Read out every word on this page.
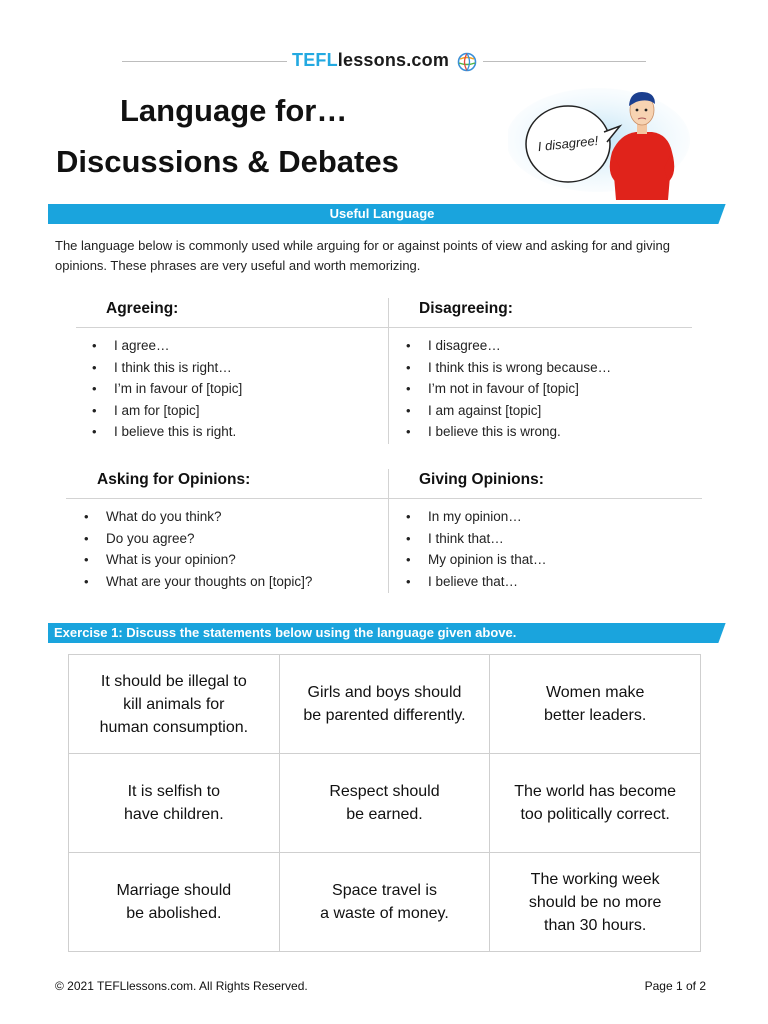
TEFLlessons.com
Language for…
Discussions & Debates
I disagree!
Useful Language
The language below is commonly used while arguing for or against points of view and asking for and giving opinions. These phrases are very useful and worth memorizing.
Agreeing:	Disagreeing:
• I agree…
• I think this is right…
• I’m in favour of [topic]
• I am for [topic]
• I believe this is right.
• I disagree…
• I think this is wrong because…
• I’m not in favour of [topic]
• I am against [topic]
• I believe this is wrong.
Asking for Opinions:	Giving Opinions:
• What do you think?
• Do you agree?
• What is your opinion?
• What are your thoughts on [topic]?
• In my opinion…
• I think that…
• My opinion is that…
• I believe that…
Exercise 1: Discuss the statements below using the language given above.
It should be illegal to
kill animals for
human consumption.	Girls and boys should
be parented differently.	Women make
better leaders.
It is selfish to
have children.	Respect should
be earned.	The world has become
too politically correct.
Marriage should
be abolished.	Space travel is
a waste of money.	The working week
should be no more
than 30 hours.
© 2021 TEFLlessons.com. All Rights Reserved.	Page 1 of 2
